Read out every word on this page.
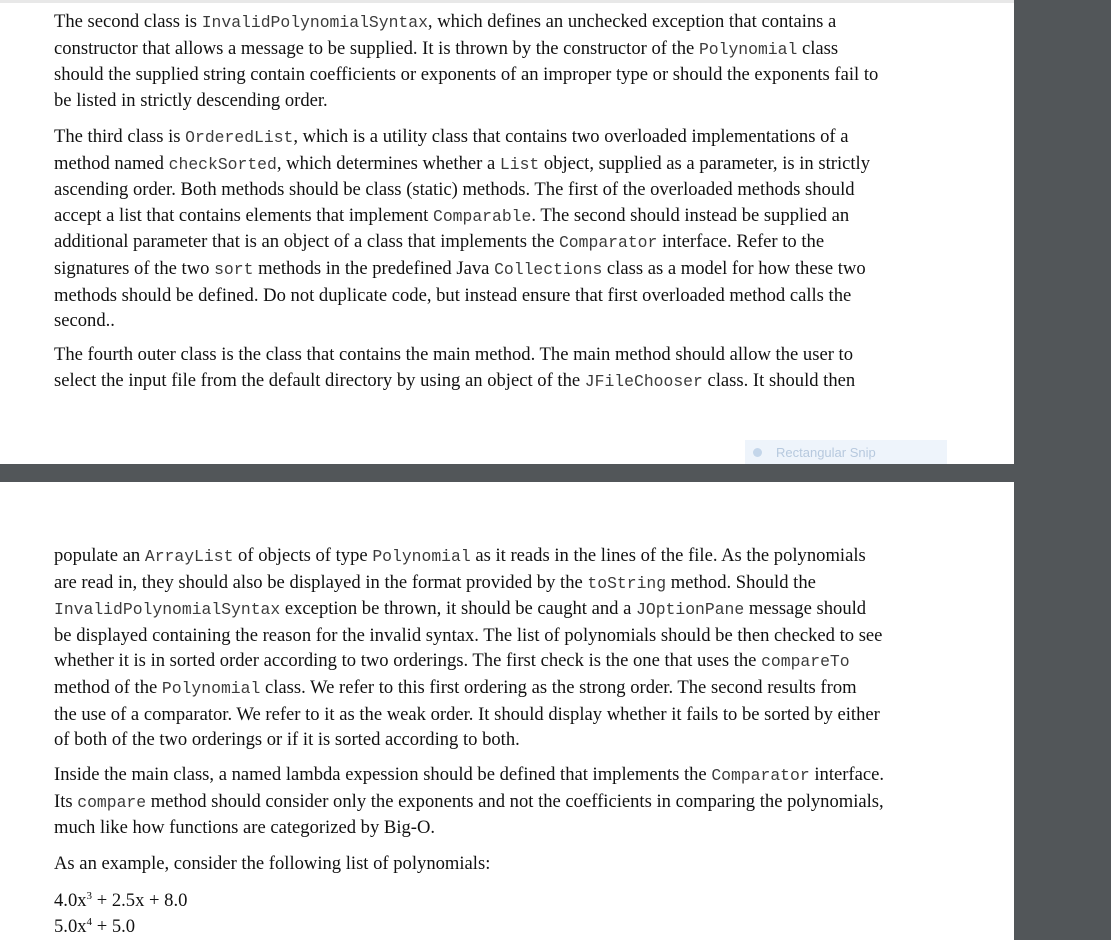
The second class is InvalidPolynomialSyntax, which defines an unchecked exception that contains a
constructor that allows a message to be supplied. It is thrown by the constructor of the Polynomial class
should the supplied string contain coefficients or exponents of an improper type or should the exponents fail to
be listed in strictly descending order.
The third class is OrderedList, which is a utility class that contains two overloaded implementations of a
method named checkSorted, which determines whether a List object, supplied as a parameter, is in strictly
ascending order. Both methods should be class (static) methods. The first of the overloaded methods should
accept a list that contains elements that implement Comparable. The second should instead be supplied an
additional parameter that is an object of a class that implements the Comparator interface. Refer to the
signatures of the two sort methods in the predefined Java Collections class as a model for how these two
methods should be defined. Do not duplicate code, but instead ensure that first overloaded method calls the
second..
The fourth outer class is the class that contains the main method. The main method should allow the user to
select the input file from the default directory by using an object of the JFileChooser class. It should then
Rectangular Snip
populate an ArrayList of objects of type Polynomial as it reads in the lines of the file. As the polynomials
are read in, they should also be displayed in the format provided by the toString method. Should the
InvalidPolynomialSyntax exception be thrown, it should be caught and a JOptionPane message should
be displayed containing the reason for the invalid syntax. The list of polynomials should be then checked to see
whether it is in sorted order according to two orderings. The first check is the one that uses the compareTo
method of the Polynomial class. We refer to this first ordering as the strong order. The second results from
the use of a comparator. We refer to it as the weak order. It should display whether it fails to be sorted by either
of both of the two orderings or if it is sorted according to both.
Inside the main class, a named lambda expession should be defined that implements the Comparator interface.
Its compare method should consider only the exponents and not the coefficients in comparing the polynomials,
much like how functions are categorized by Big-O.
As an example, consider the following list of polynomials:
$4.0x^3 + 2.5x + 8.0$
$5.0x^4 + 5.0$
